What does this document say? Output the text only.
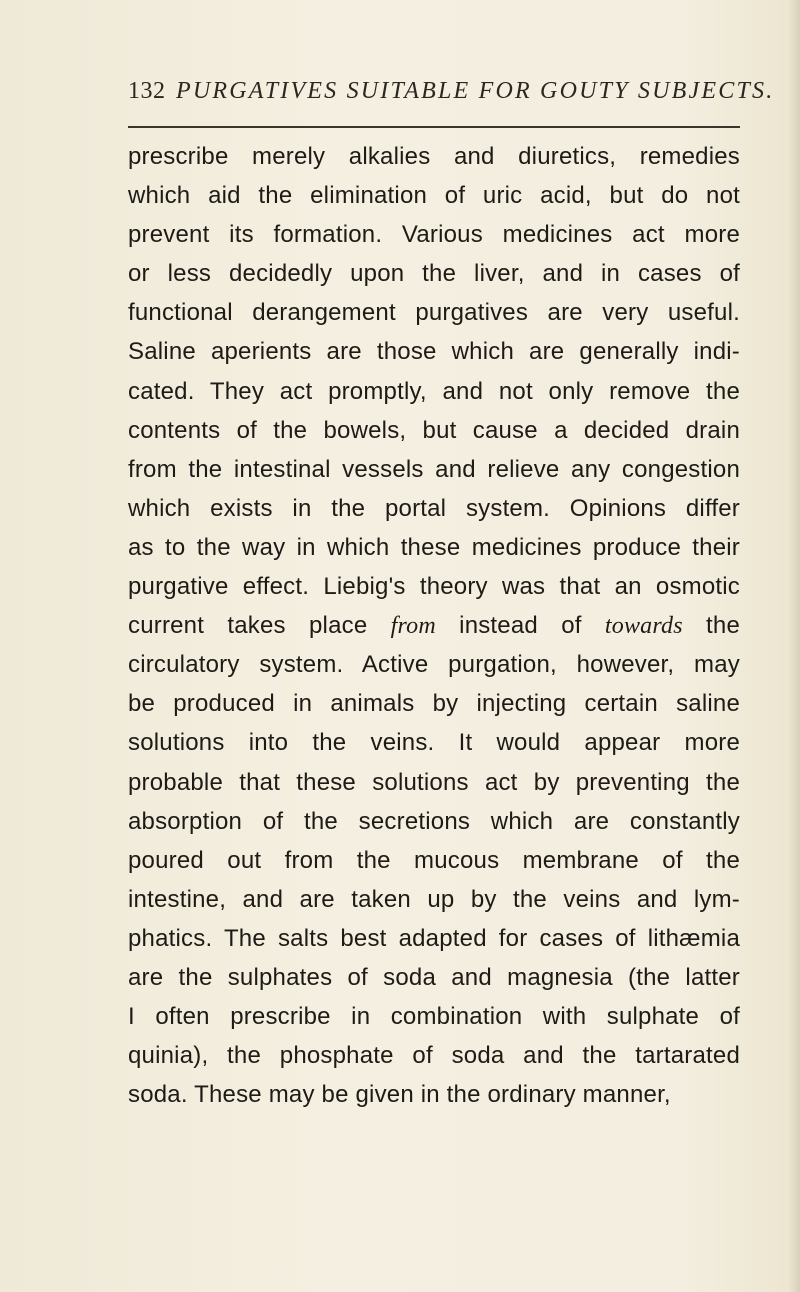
132 PURGATIVES SUITABLE FOR GOUTY SUBJECTS.
prescribe merely alkalies and diuretics, remedies
which aid the elimination of uric acid, but do not
prevent its formation. Various medicines act more
or less decidedly upon the liver, and in cases of
functional derangement purgatives are very useful.
Saline aperients are those which are generally indi-
cated. They act promptly, and not only remove the
contents of the bowels, but cause a decided drain
from the intestinal vessels and relieve any congestion
which exists in the portal system. Opinions differ
as to the way in which these medicines produce their
purgative effect. Liebig's theory was that an osmotic
current takes place from instead of towards the
circulatory system. Active purgation, however, may
be produced in animals by injecting certain saline
solutions into the veins. It would appear more
probable that these solutions act by preventing the
absorption of the secretions which are constantly
poured out from the mucous membrane of the
intestine, and are taken up by the veins and lym-
phatics. The salts best adapted for cases of lithæmia
are the sulphates of soda and magnesia (the latter
I often prescribe in combination with sulphate of
quinia), the phosphate of soda and the tartarated
soda. These may be given in the ordinary manner,
